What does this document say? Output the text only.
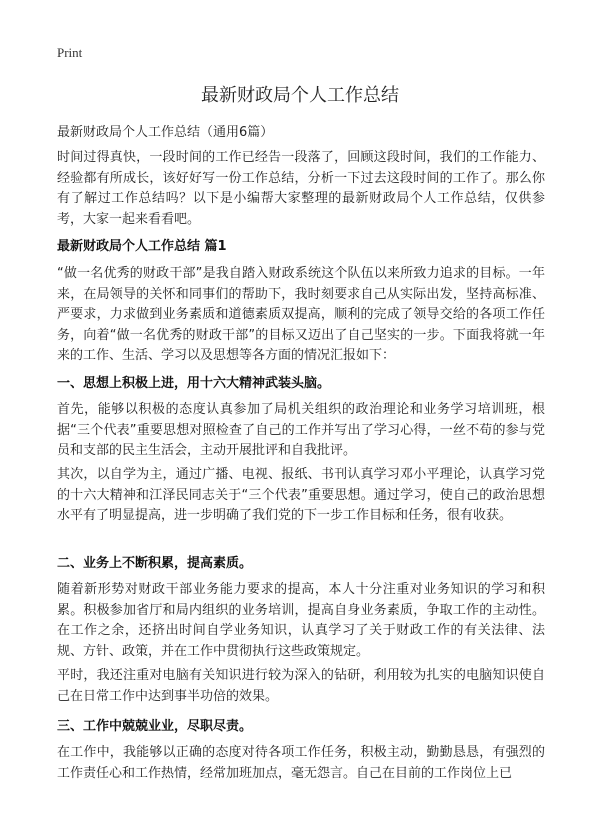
Print
最新财政局个人工作总结
最新财政局个人工作总结（通用6篇）

时间过得真快，一段时间的工作已经告一段落了，回顾这段时间，我们的工作能力、经验都有所成长，该好好写一份工作总结，分析一下过去这段时间的工作了。那么你有了解过工作总结吗？以下是小编帮大家整理的最新财政局个人工作总结，仅供参考，大家一起来看看吧。

最新财政局个人工作总结 篇1

“做一名优秀的财政干部”是我自踏入财政系统这个队伍以来所致力追求的目标。一年来，在局领导的关怀和同事们的帮助下，我时刻要求自己从实际出发，坚持高标准、严要求，力求做到业务素质和道德素质双提高，顺利的完成了领导交给的各项工作任务，向着“做一名优秀的财政干部”的目标又迈出了自己坚实的一步。下面我将就一年来的工作、生活、学习以及思想等各方面的情况汇报如下：

一、思想上积极上进，用十六大精神武装头脑。

首先，能够以积极的态度认真参加了局机关组织的政治理论和业务学习培训班，根据“三个代表”重要思想对照检查了自己的工作并写出了学习心得，一丝不苟的参与党员和支部的民主生活会，主动开展批评和自我批评。

其次，以自学为主，通过广播、电视、报纸、书刊认真学习邓小平理论，认真学习党的十六大精神和江泽民同志关于“三个代表”重要思想。通过学习，使自己的政治思想水平有了明显提高，进一步明确了我们党的下一步工作目标和任务，很有收获。

二、业务上不断积累，提高素质。

随着新形势对财政干部业务能力要求的提高，本人十分注重对业务知识的学习和积累。积极参加省厅和局内组织的业务培训，提高自身业务素质，争取工作的主动性。在工作之余，还挤出时间自学业务知识，认真学习了关于财政工作的有关法律、法规、方针、政策，并在工作中贯彻执行这些政策规定。

平时，我还注重对电脑有关知识进行较为深入的钻研，利用较为扎实的电脑知识使自己在日常工作中达到事半功倍的效果。

三、工作中兢兢业业，尽职尽责。

在工作中，我能够以正确的态度对待各项工作任务，积极主动，勤勤恳恳，有强烈的工作责任心和工作热情，经常加班加点，毫无怨言。自己在目前的工作岗位上已
